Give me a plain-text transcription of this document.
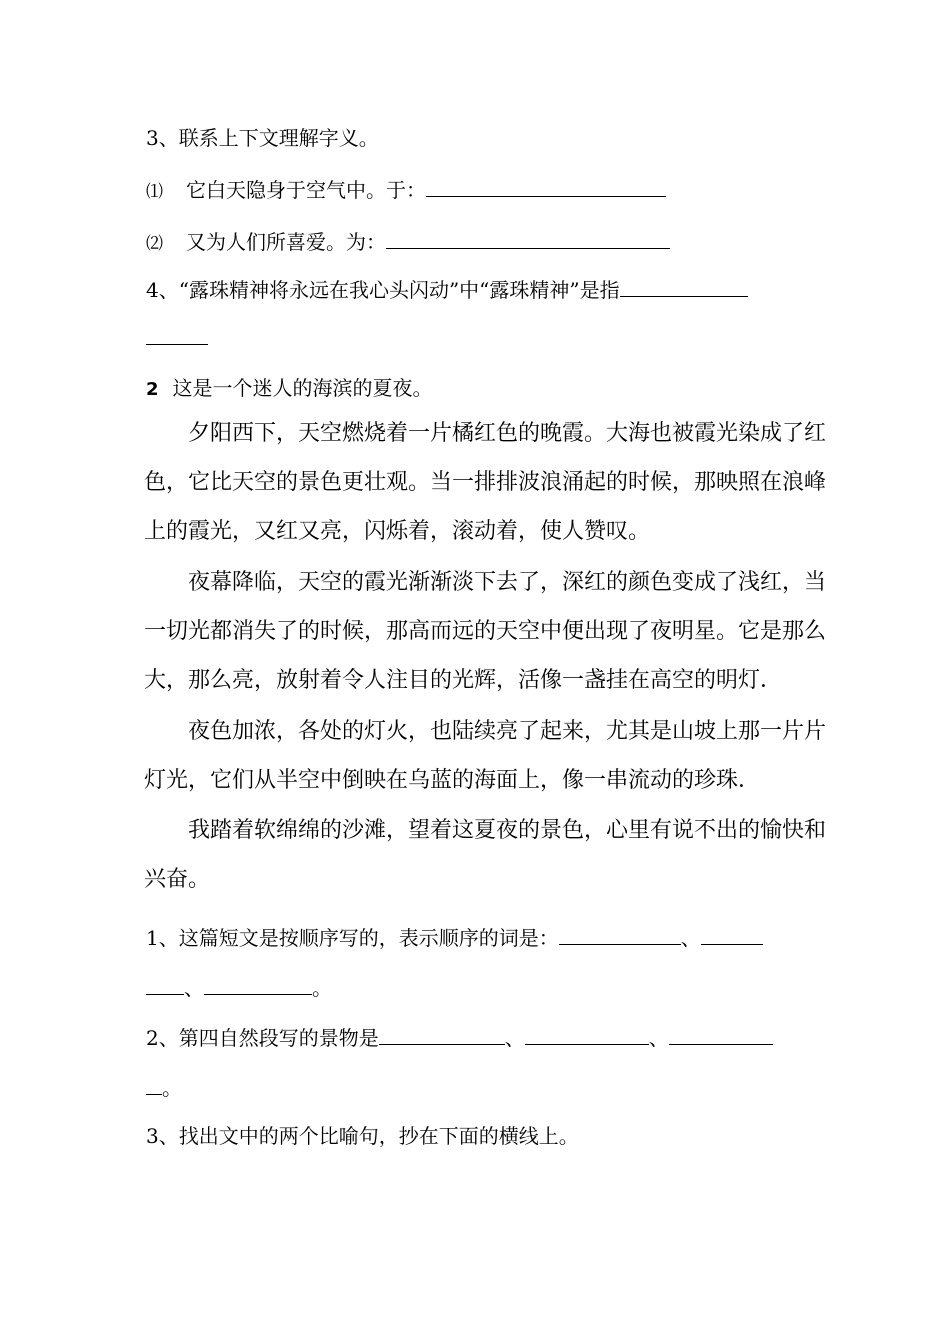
3、联系上下文理解字义。
⑴ 它白天隐身于空气中。于：
⑵ 又为人们所喜爱。为：
4、“露珠精神将永远在我心头闪动”中“露珠精神”是指
2 这是一个迷人的海滨的夏夜。
夕阳西下，天空燃烧着一片橘红色的晚霞。大海也被霞光染成了红
色，它比天空的景色更壮观。当一排排波浪涌起的时候，那映照在浪峰
上的霞光，又红又亮，闪烁着，滚动着，使人赞叹。
夜幕降临，天空的霞光渐渐淡下去了，深红的颜色变成了浅红，当
一切光都消失了的时候，那高而远的天空中便出现了夜明星。它是那么
大，那么亮，放射着令人注目的光辉，活像一盏挂在高空的明灯．
夜色加浓，各处的灯火，也陆续亮了起来，尤其是山坡上那一片片
灯光，它们从半空中倒映在乌蓝的海面上，像一串流动的珍珠．
我踏着软绵绵的沙滩，望着这夏夜的景色，心里有说不出的愉快和
兴奋。
1、这篇短文是按顺序写的，表示顺序的词是：	、
、	。
2、第四自然段写的景物是	、	、
。
3、找出文中的两个比喻句，抄在下面的横线上。
